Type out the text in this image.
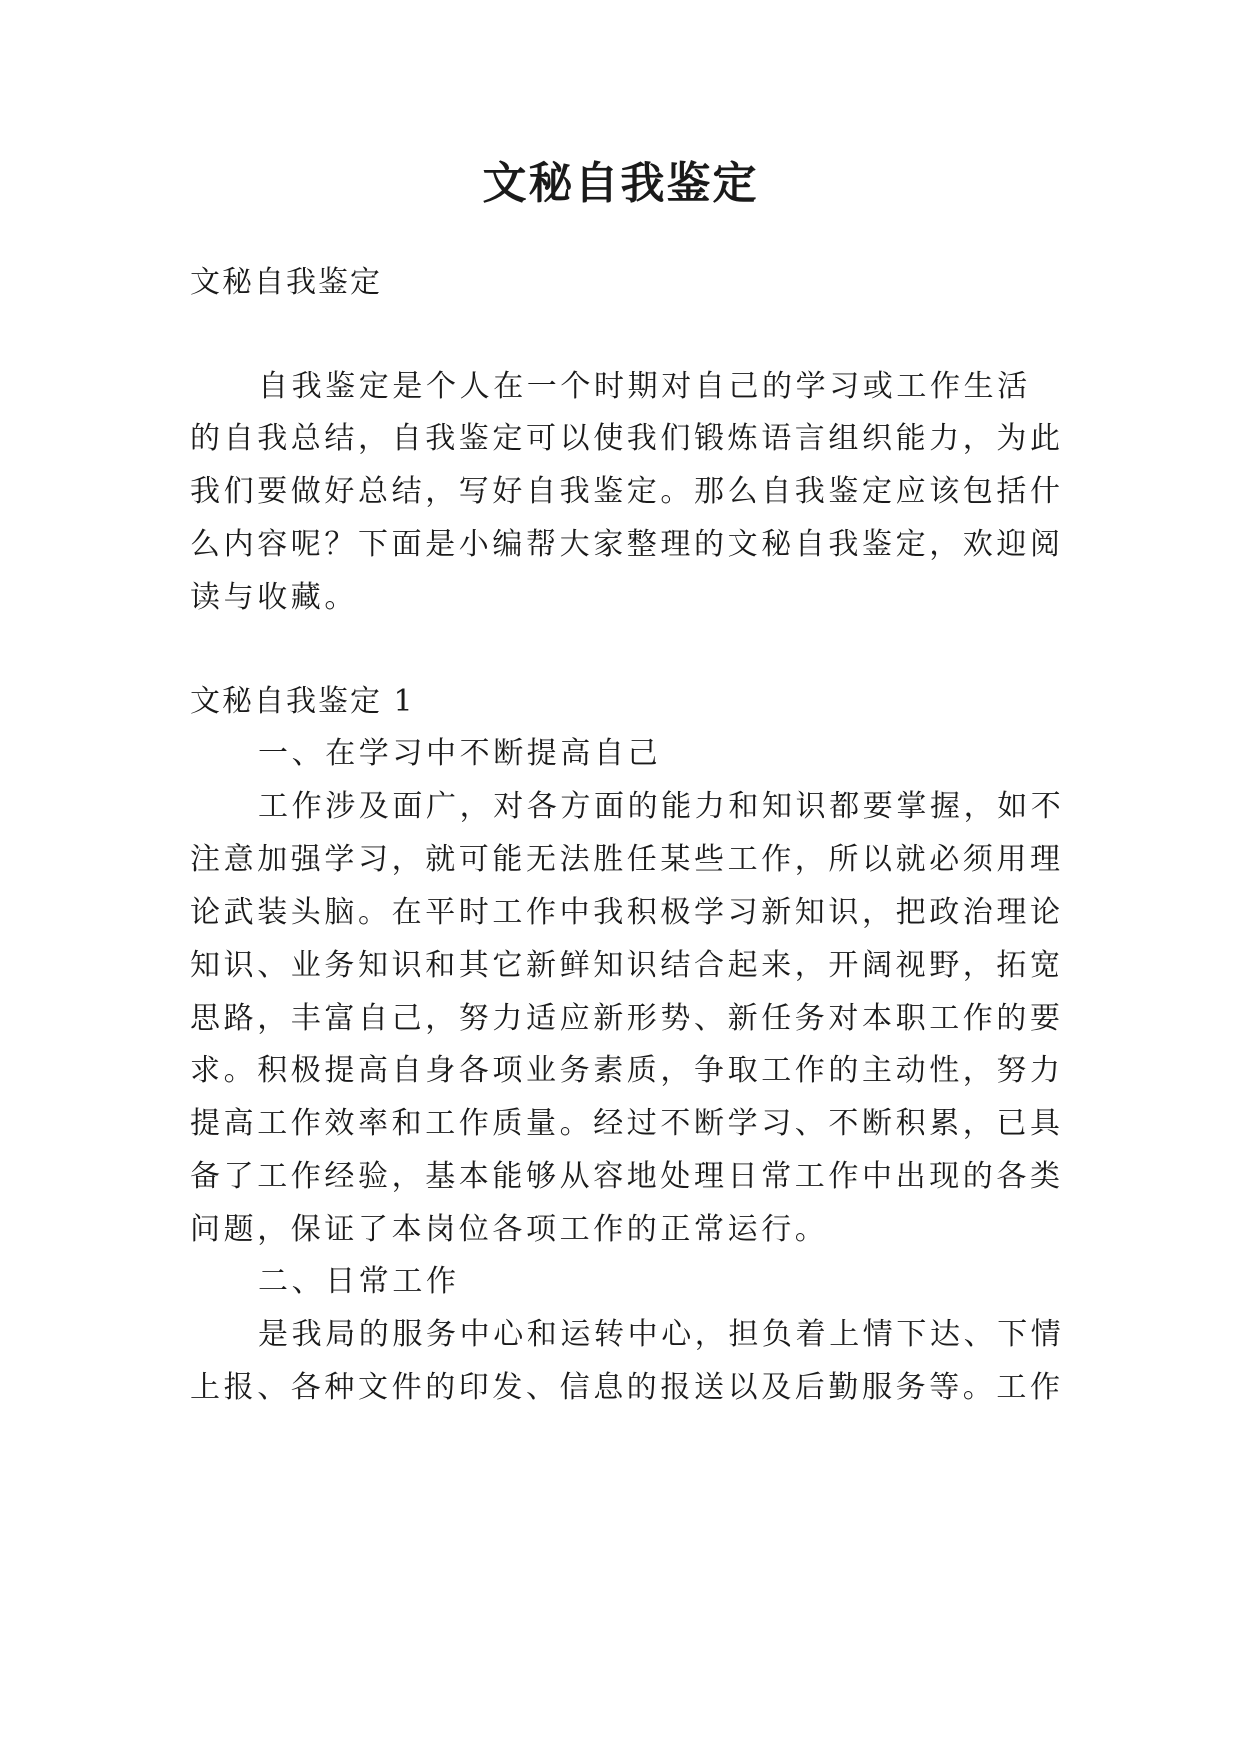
文秘自我鉴定
文秘自我鉴定
自我鉴定是个人在一个时期对自己的学习或工作生活
的自我总结，自我鉴定可以使我们锻炼语言组织能力，为此
我们要做好总结，写好自我鉴定。那么自我鉴定应该包括什
么内容呢？下面是小编帮大家整理的文秘自我鉴定，欢迎阅
读与收藏。
文秘自我鉴定 1
一、在学习中不断提高自己
工作涉及面广，对各方面的能力和知识都要掌握，如不
注意加强学习，就可能无法胜任某些工作，所以就必须用理
论武装头脑。在平时工作中我积极学习新知识，把政治理论
知识、业务知识和其它新鲜知识结合起来，开阔视野，拓宽
思路，丰富自己，努力适应新形势、新任务对本职工作的要
求。积极提高自身各项业务素质，争取工作的主动性，努力
提高工作效率和工作质量。经过不断学习、不断积累，已具
备了工作经验，基本能够从容地处理日常工作中出现的各类
问题，保证了本岗位各项工作的正常运行。
二、日常工作
是我局的服务中心和运转中心，担负着上情下达、下情
上报、各种文件的印发、信息的报送以及后勤服务等。工作
